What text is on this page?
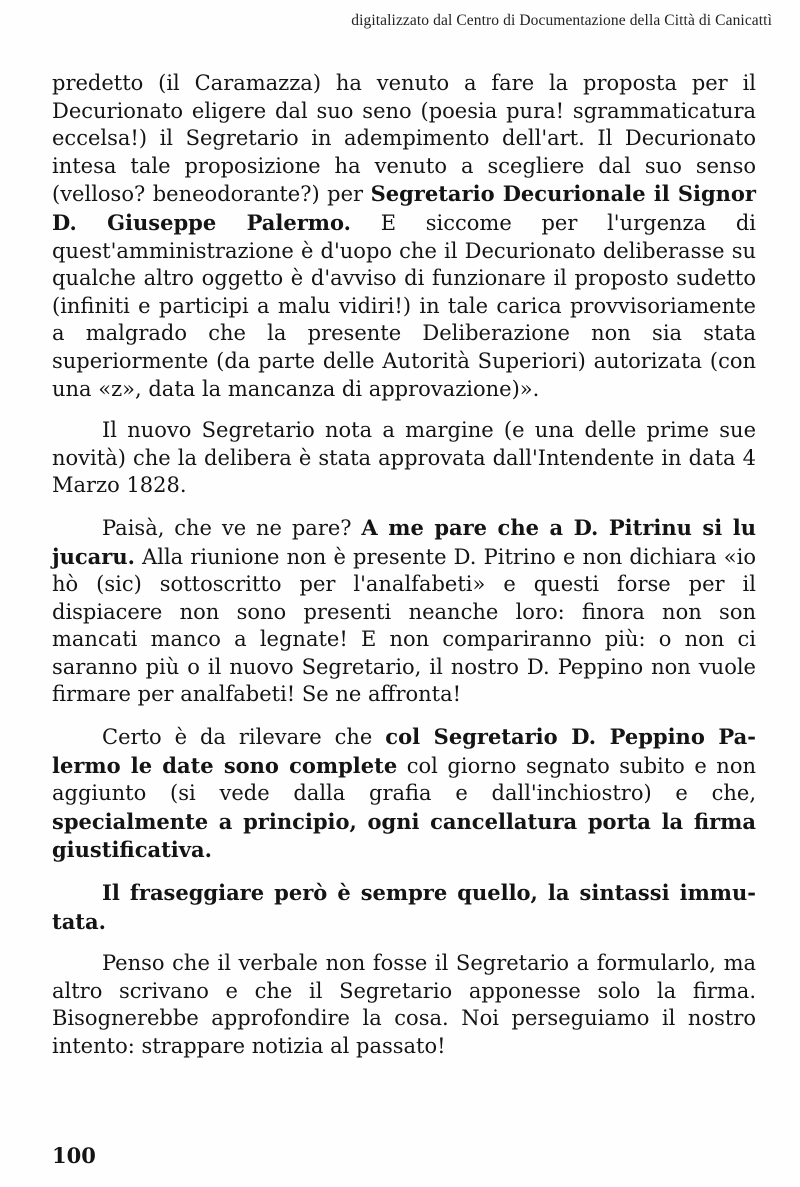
digitalizzato dal Centro di Documentazione della Città di Canicattì

predetto (il Caramazza) ha venuto a fare la proposta per il Decurionato eligere dal suo seno (poesia pura! sgrammaticatura eccelsa!) il Segretario in adempimento dell'art. Il Decurionato intesa tale proposizione ha venuto a scegliere dal suo senso (velloso? beneodorante?) per Segretario Decurionale il Signor D. Giuseppe Palermo. E siccome per l'urgenza di quest'amministrazione è d'uopo che il Decurionato deliberasse su qualche altro oggetto è d'avviso di funzionare il proposto sudetto (infiniti e participi a malu vidiri!) in tale carica provvisoriamente a malgrado che la presente Deliberazione non sia stata superiormente (da parte delle Autorità Superiori) autorizata (con una «z», data la mancanza di approvazione)».

Il nuovo Segretario nota a margine (e una delle prime sue novità) che la delibera è stata approvata dall'Intendente in data 4 Marzo 1828.

Paisà, che ve ne pare? A me pare che a D. Pitrinu si lu jucaru. Alla riunione non è presente D. Pitrino e non dichiara «io hò (sic) sottoscritto per l'analfabeti» e questi forse per il dispiacere non sono presenti neanche loro: finora non son mancati manco a legnate! E non compariranno più: o non ci saranno più o il nuovo Segretario, il nostro D. Peppino non vuole firmare per analfabeti! Se ne affronta!

Certo è da rilevare che col Segretario D. Peppino Palermo le date sono complete col giorno segnato subito e non aggiunto (si vede dalla grafia e dall'inchiostro) e che, specialmente a principio, ogni cancellatura porta la firma giustificativa.

Il fraseggiare però è sempre quello, la sintassi immutata.

Penso che il verbale non fosse il Segretario a formularlo, ma altro scrivano e che il Segretario apponesse solo la firma. Bisognerebbe approfondire la cosa. Noi perseguiamo il nostro intento: strappare notizia al passato!

100
